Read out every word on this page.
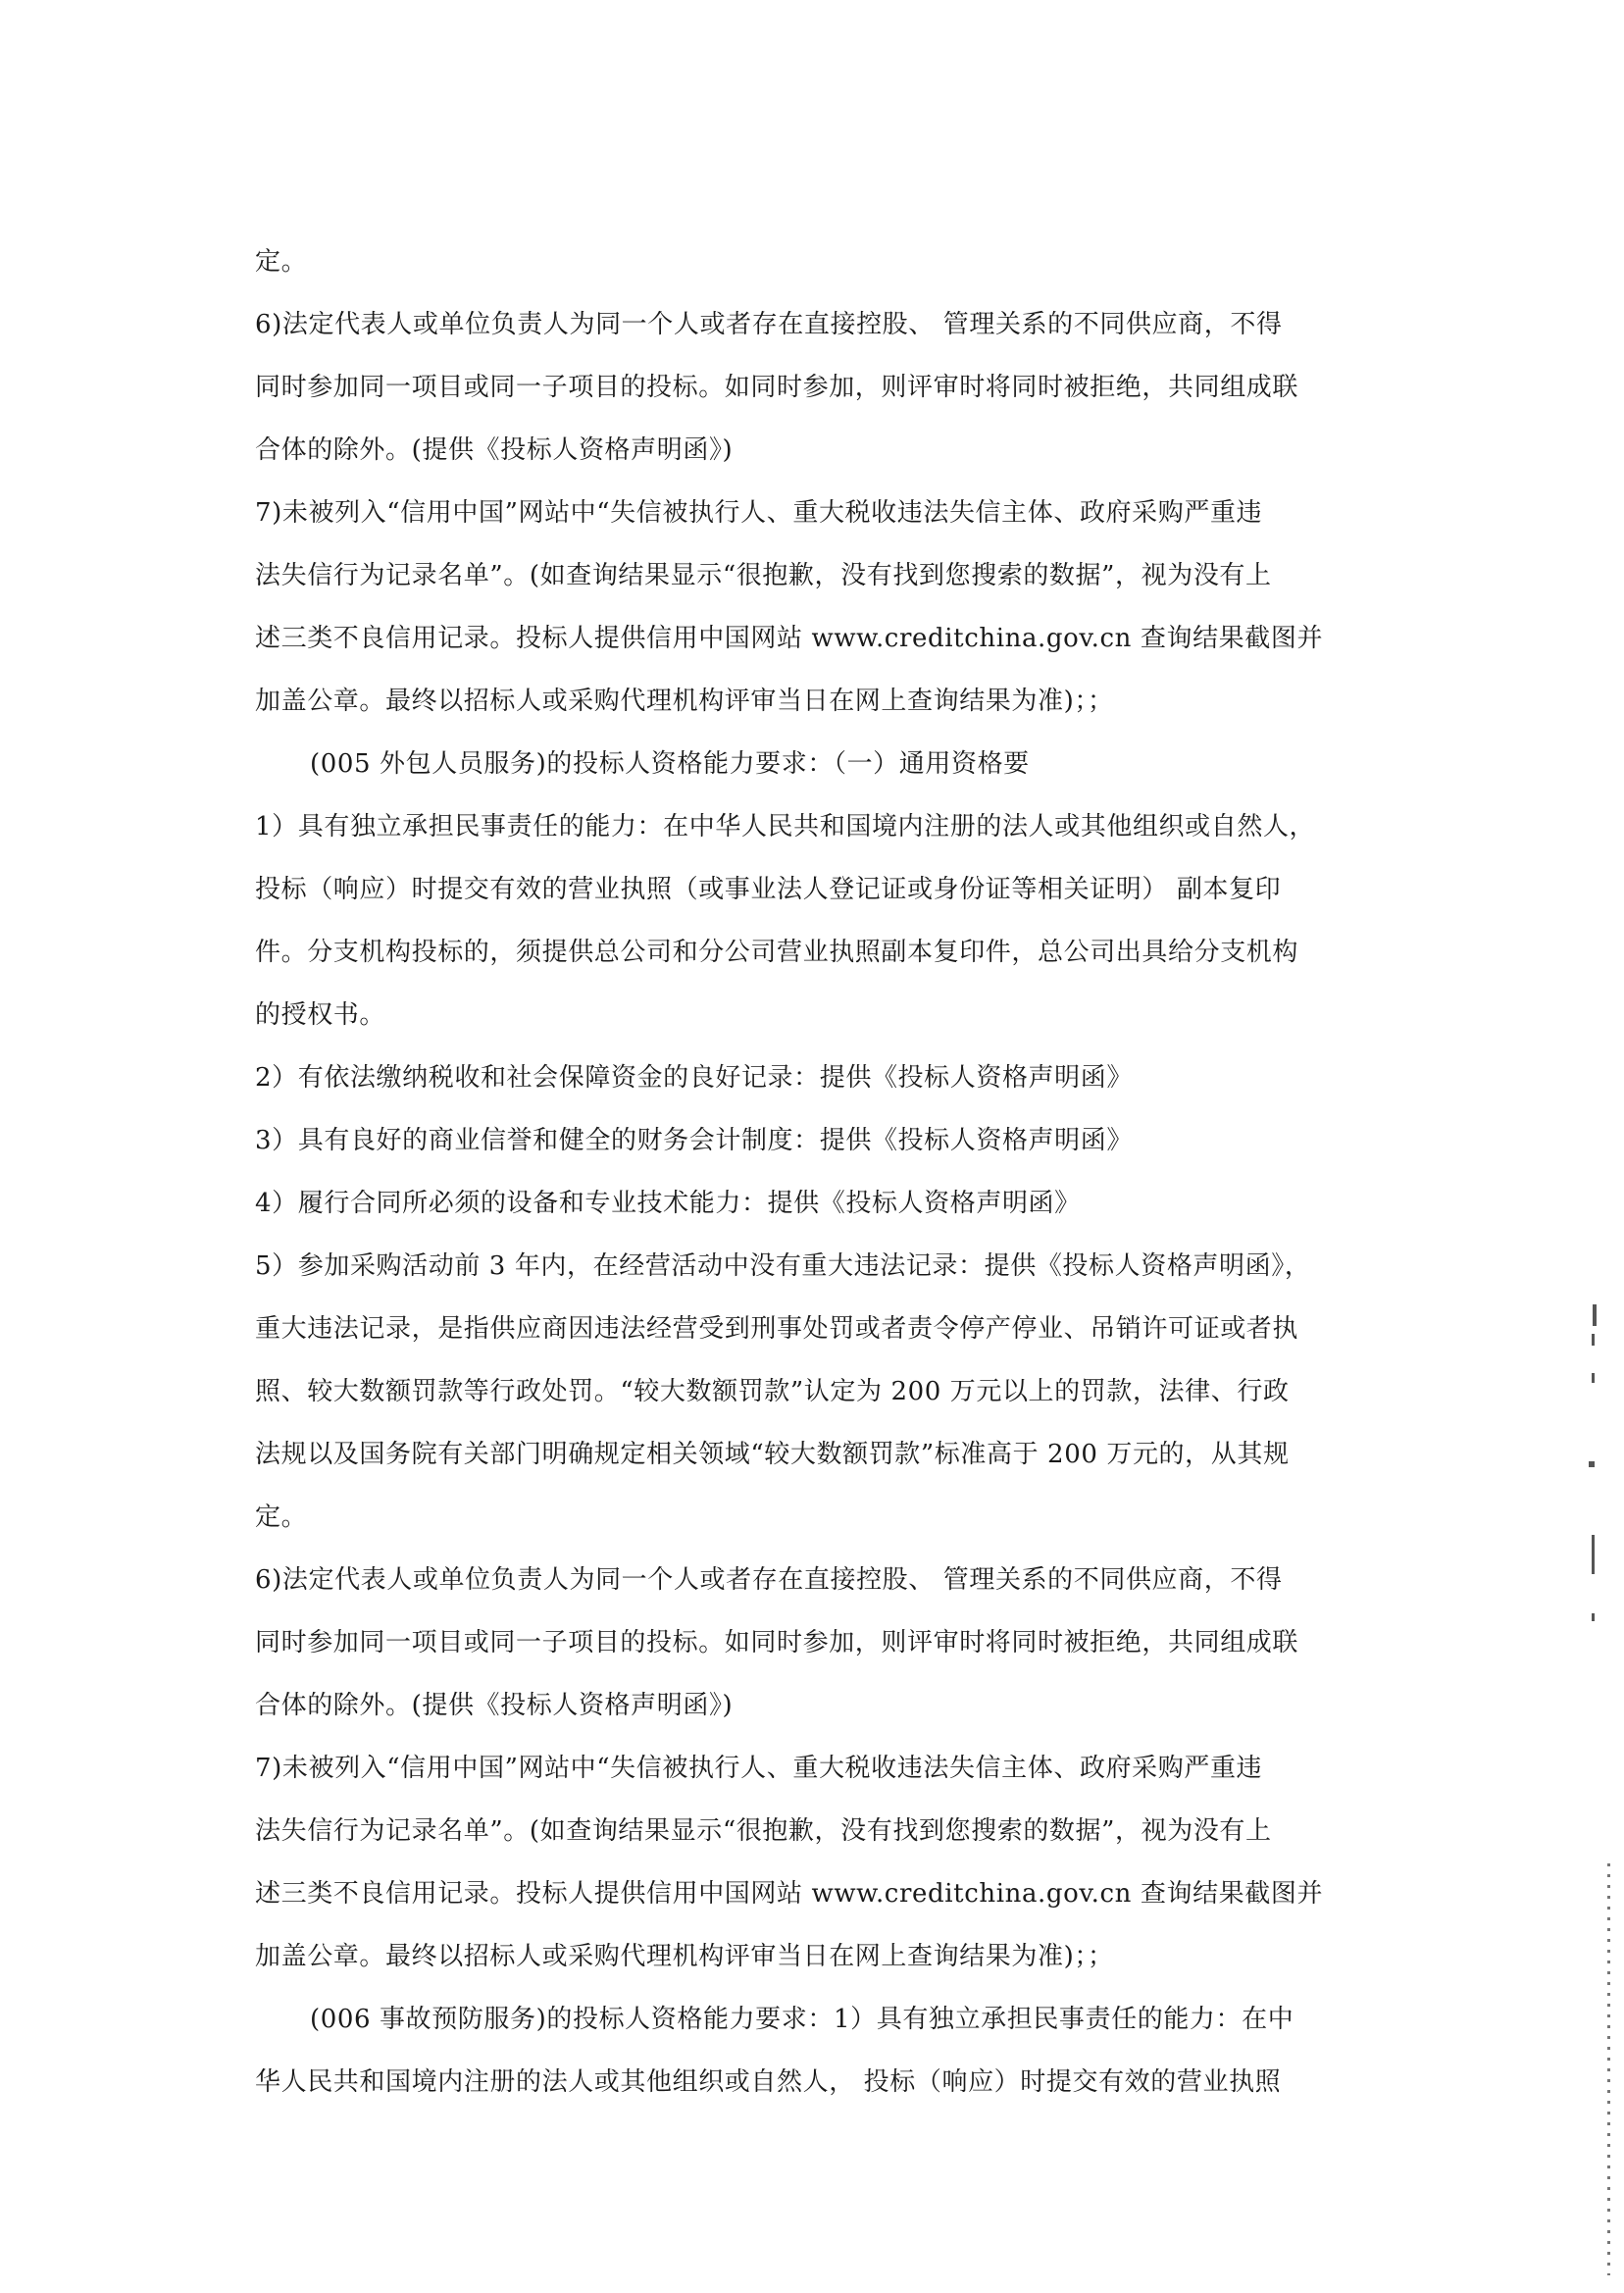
定。
6)法定代表人或单位负责人为同一个人或者存在直接控股、 管理关系的不同供应商，不得
同时参加同一项目或同一子项目的投标。如同时参加，则评审时将同时被拒绝，共同组成联
合体的除外。(提供《投标人资格声明函》)
7)未被列入“信用中国”网站中“失信被执行人、重大税收违法失信主体、政府采购严重违
法失信行为记录名单”。(如查询结果显示“很抱歉，没有找到您搜索的数据”，视为没有上
述三类不良信用记录。投标人提供信用中国网站 www.creditchina.gov.cn 查询结果截图并
加盖公章。最终以招标人或采购代理机构评审当日在网上查询结果为准)；；
(005 外包人员服务)的投标人资格能力要求：（一）通用资格要
1）具有独立承担民事责任的能力：在中华人民共和国境内注册的法人或其他组织或自然人，
投标（响应）时提交有效的营业执照（或事业法人登记证或身份证等相关证明） 副本复印
件。分支机构投标的，须提供总公司和分公司营业执照副本复印件，总公司出具给分支机构
的授权书。
2）有依法缴纳税收和社会保障资金的良好记录：提供《投标人资格声明函》
3）具有良好的商业信誉和健全的财务会计制度：提供《投标人资格声明函》
4）履行合同所必须的设备和专业技术能力：提供《投标人资格声明函》
5）参加采购活动前 3 年内，在经营活动中没有重大违法记录：提供《投标人资格声明函》，
重大违法记录，是指供应商因违法经营受到刑事处罚或者责令停产停业、吊销许可证或者执
照、较大数额罚款等行政处罚。“较大数额罚款”认定为 200 万元以上的罚款，法律、行政
法规以及国务院有关部门明确规定相关领域“较大数额罚款”标准高于 200 万元的，从其规
定。
6)法定代表人或单位负责人为同一个人或者存在直接控股、 管理关系的不同供应商，不得
同时参加同一项目或同一子项目的投标。如同时参加，则评审时将同时被拒绝，共同组成联
合体的除外。(提供《投标人资格声明函》)
7)未被列入“信用中国”网站中“失信被执行人、重大税收违法失信主体、政府采购严重违
法失信行为记录名单”。(如查询结果显示“很抱歉，没有找到您搜索的数据”，视为没有上
述三类不良信用记录。投标人提供信用中国网站 www.creditchina.gov.cn 查询结果截图并
加盖公章。最终以招标人或采购代理机构评审当日在网上查询结果为准)；；
(006 事故预防服务)的投标人资格能力要求：1）具有独立承担民事责任的能力：在中
华人民共和国境内注册的法人或其他组织或自然人， 投标（响应）时提交有效的营业执照
